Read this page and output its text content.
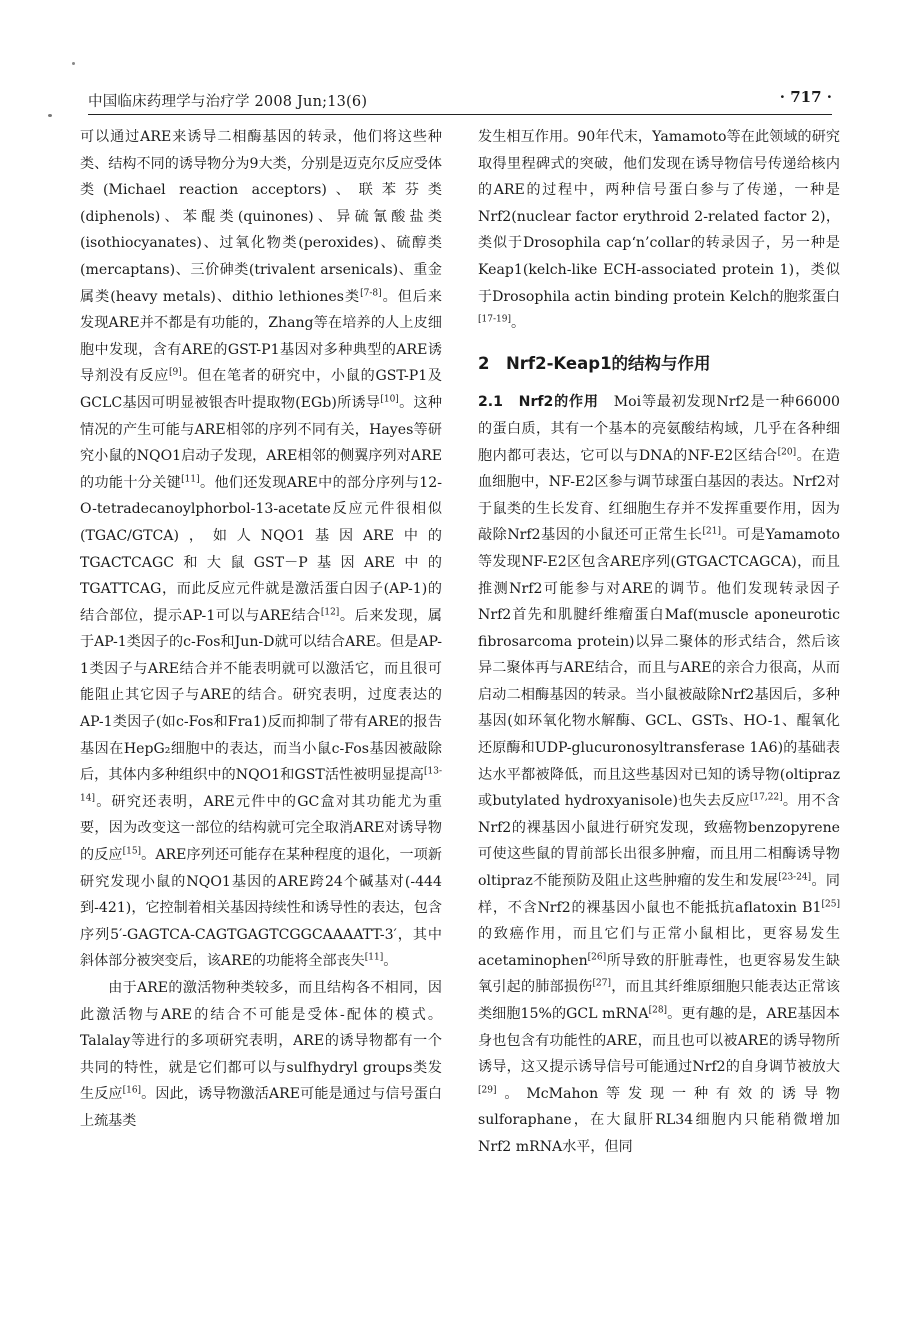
中国临床药理学与治疗学 2008 Jun;13(6)	· 717 ·

可以通过ARE来诱导二相酶基因的转录，他们将这些种类、结构不同的诱导物分为9大类，分别是迈克尔反应受体类(Michael reaction acceptors)、联苯芬类(diphenols)、苯醌类(quinones)、异硫氰酸盐类(isothiocyanates)、过氧化物类(peroxides)、硫醇类(mercaptans)、三价砷类(trivalent arsenicals)、重金属类(heavy metals)、dithio lethiones类[7-8]。但后来发现ARE并不都是有功能的，Zhang等在培养的人上皮细胞中发现，含有ARE的GST-P1基因对多种典型的ARE诱导剂没有反应[9]。但在笔者的研究中，小鼠的GST-P1及GCLC基因可明显被银杏叶提取物(EGb)所诱导[10]。这种情况的产生可能与ARE相邻的序列不同有关，Hayes等研究小鼠的NQO1启动子发现，ARE相邻的侧翼序列对ARE的功能十分关键[11]。他们还发现ARE中的部分序列与12-O-tetradecanoylphorbol-13-acetate反应元件很相似(TGAC/GTCA)，如人NQO1基因ARE中的TGACTCAGC和大鼠GST－P基因ARE中的TGATTCAG，而此反应元件就是激活蛋白因子(AP-1)的结合部位，提示AP-1可以与ARE结合[12]。后来发现，属于AP-1类因子的c-Fos和Jun-D就可以结合ARE。但是AP-1类因子与ARE结合并不能表明就可以激活它，而且很可能阻止其它因子与ARE的结合。研究表明，过度表达的AP-1类因子(如c-Fos和Fra1)反而抑制了带有ARE的报告基因在HepG₂细胞中的表达，而当小鼠c-Fos基因被敲除后，其体内多种组织中的NQO1和GST活性被明显提高[13-14]。研究还表明，ARE元件中的GC盒对其功能尤为重要，因为改变这一部位的结构就可完全取消ARE对诱导物的反应[15]。ARE序列还可能存在某种程度的退化，一项新研究发现小鼠的NQO1基因的ARE跨24个碱基对(-444到-421)，它控制着相关基因持续性和诱导性的表达，包含序列5′-GAGTCA-CAGTGAGTCGGCAAAATT-3′，其中斜体部分被突变后，该ARE的功能将全部丧失[11]。

由于ARE的激活物种类较多，而且结构各不相同，因此激活物与ARE的结合不可能是受体-配体的模式。Talalay等进行的多项研究表明，ARE的诱导物都有一个共同的特性，就是它们都可以与sulfhydryl groups类发生反应[16]。因此，诱导物激活ARE可能是通过与信号蛋白上巯基类

发生相互作用。90年代末，Yamamoto等在此领域的研究取得里程碑式的突破，他们发现在诱导物信号传递给核内的ARE的过程中，两种信号蛋白参与了传递，一种是Nrf2(nuclear factor erythroid 2-related factor 2)，类似于Drosophila cap‘n’collar的转录因子，另一种是Keap1(kelch-like ECH-associated protein 1)，类似于Drosophila actin binding protein Kelch的胞浆蛋白[17-19]。

2　Nrf2-Keap1的结构与作用

2.1　Nrf2的作用　Moi等最初发现Nrf2是一种66000的蛋白质，其有一个基本的亮氨酸结构域，几乎在各种细胞内都可表达，它可以与DNA的NF-E2区结合[20]。在造血细胞中，NF-E2区参与调节球蛋白基因的表达。Nrf2对于鼠类的生长发育、红细胞生存并不发挥重要作用，因为敲除Nrf2基因的小鼠还可正常生长[21]。可是Yamamoto等发现NF-E2区包含ARE序列(GTGACTCAGCA)，而且推测Nrf2可能参与对ARE的调节。他们发现转录因子Nrf2首先和肌腱纤维瘤蛋白Maf(muscle aponeurotic fibrosarcoma protein)以异二聚体的形式结合，然后该异二聚体再与ARE结合，而且与ARE的亲合力很高，从而启动二相酶基因的转录。当小鼠被敲除Nrf2基因后，多种基因(如环氧化物水解酶、GCL、GSTs、HO-1、醌氧化还原酶和UDP-glucuronosyltransferase 1A6)的基础表达水平都被降低，而且这些基因对已知的诱导物(oltipraz或butylated hydroxyanisole)也失去反应[17,22]。用不含Nrf2的裸基因小鼠进行研究发现，致癌物benzopyrene可使这些鼠的胃前部长出很多肿瘤，而且用二相酶诱导物oltipraz不能预防及阻止这些肿瘤的发生和发展[23-24]。同样，不含Nrf2的裸基因小鼠也不能抵抗aflatoxin B1[25]的致癌作用，而且它们与正常小鼠相比，更容易发生acetaminophen[26]所导致的肝脏毒性，也更容易发生缺氧引起的肺部损伤[27]，而且其纤维原细胞只能表达正常该类细胞15%的GCL mRNA[28]。更有趣的是，ARE基因本身也包含有功能性的ARE，而且也可以被ARE的诱导物所诱导，这又提示诱导信号可能通过Nrf2的自身调节被放大[29]。McMahon等发现一种有效的诱导物sulforaphane，在大鼠肝RL34细胞内只能稍微增加Nrf2 mRNA水平，但同
